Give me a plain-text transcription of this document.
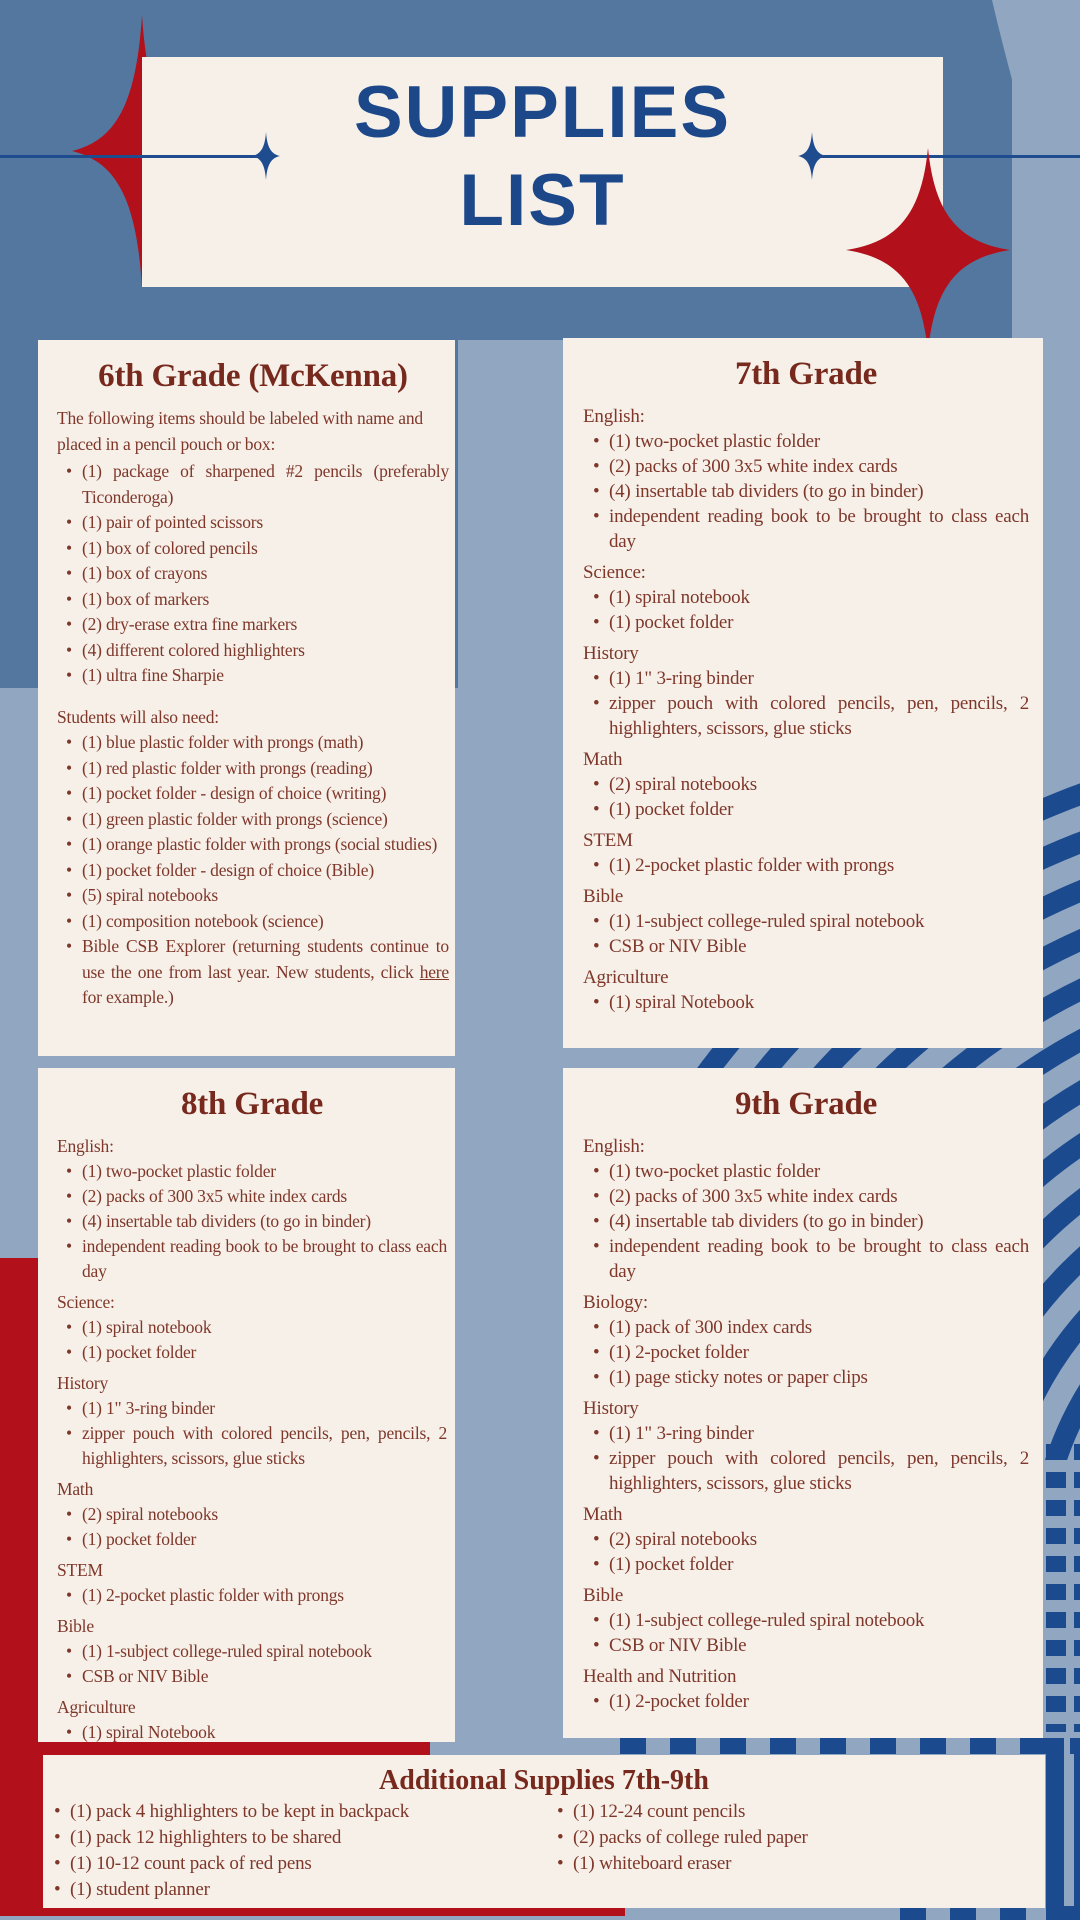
SUPPLIES
LIST
6th Grade (McKenna)

The following items should be labeled with name and placed in a pencil pouch or box:

• (1) package of sharpened #2 pencils (preferably Ticonderoga)
• (1) pair of pointed scissors
• (1) box of colored pencils
• (1) box of crayons
• (1) box of markers
• (2) dry-erase extra fine markers
• (4) different colored highlighters
• (1) ultra fine Sharpie

Students will also need:

• (1) blue plastic folder with prongs (math)
• (1) red plastic folder with prongs (reading)
• (1) pocket folder - design of choice (writing)
• (1) green plastic folder with prongs (science)
• (1) orange plastic folder with prongs (social studies)
• (1) pocket folder - design of choice (Bible)
• (5) spiral notebooks
• (1) composition notebook (science)
• Bible CSB Explorer (returning students continue to use the one from last year. New students, click here for example.)
7th Grade
English:
• (1) two-pocket plastic folder
• (2) packs of 300 3x5 white index cards
• (4) insertable tab dividers (to go in binder)
• independent reading book to be brought to class each day
Science:
• (1) spiral notebook
• (1) pocket folder
History
• (1) 1" 3-ring binder
• zipper pouch with colored pencils, pen, pencils, 2 highlighters, scissors, glue sticks
Math
• (2) spiral notebooks
• (1) pocket folder
STEM
• (1) 2-pocket plastic folder with prongs
Bible
• (1) 1-subject college-ruled spiral notebook
• CSB or NIV Bible
Agriculture
• (1) spiral Notebook
8th Grade
English:
• (1) two-pocket plastic folder
• (2) packs of 300 3x5 white index cards
• (4) insertable tab dividers (to go in binder)
• independent reading book to be brought to class each day
Science:
• (1) spiral notebook
• (1) pocket folder
History
• (1) 1" 3-ring binder
• zipper pouch with colored pencils, pen, pencils, 2 highlighters, scissors, glue sticks
Math
• (2) spiral notebooks
• (1) pocket folder
STEM
• (1) 2-pocket plastic folder with prongs
Bible
• (1) 1-subject college-ruled spiral notebook
• CSB or NIV Bible
Agriculture
• (1) spiral Notebook
9th Grade
English:
• (1) two-pocket plastic folder
• (2) packs of 300 3x5 white index cards
• (4) insertable tab dividers (to go in binder)
• independent reading book to be brought to class each day
Biology:
• (1) pack of 300 index cards
• (1) 2-pocket folder
• (1) page sticky notes or paper clips
History
• (1) 1" 3-ring binder
• zipper pouch with colored pencils, pen, pencils, 2 highlighters, scissors, glue sticks
Math
• (2) spiral notebooks
• (1) pocket folder
Bible
• (1) 1-subject college-ruled spiral notebook
• CSB or NIV Bible
Health and Nutrition
• (1) 2-pocket folder
Additional Supplies 7th-9th
• (1) pack 4 highlighters to be kept in backpack
• (1) pack 12 highlighters to be shared
• (1) 10-12 count pack of red pens
• (1) student planner
• (1) 12-24 count pencils
• (2) packs of college ruled paper
• (1) whiteboard eraser
